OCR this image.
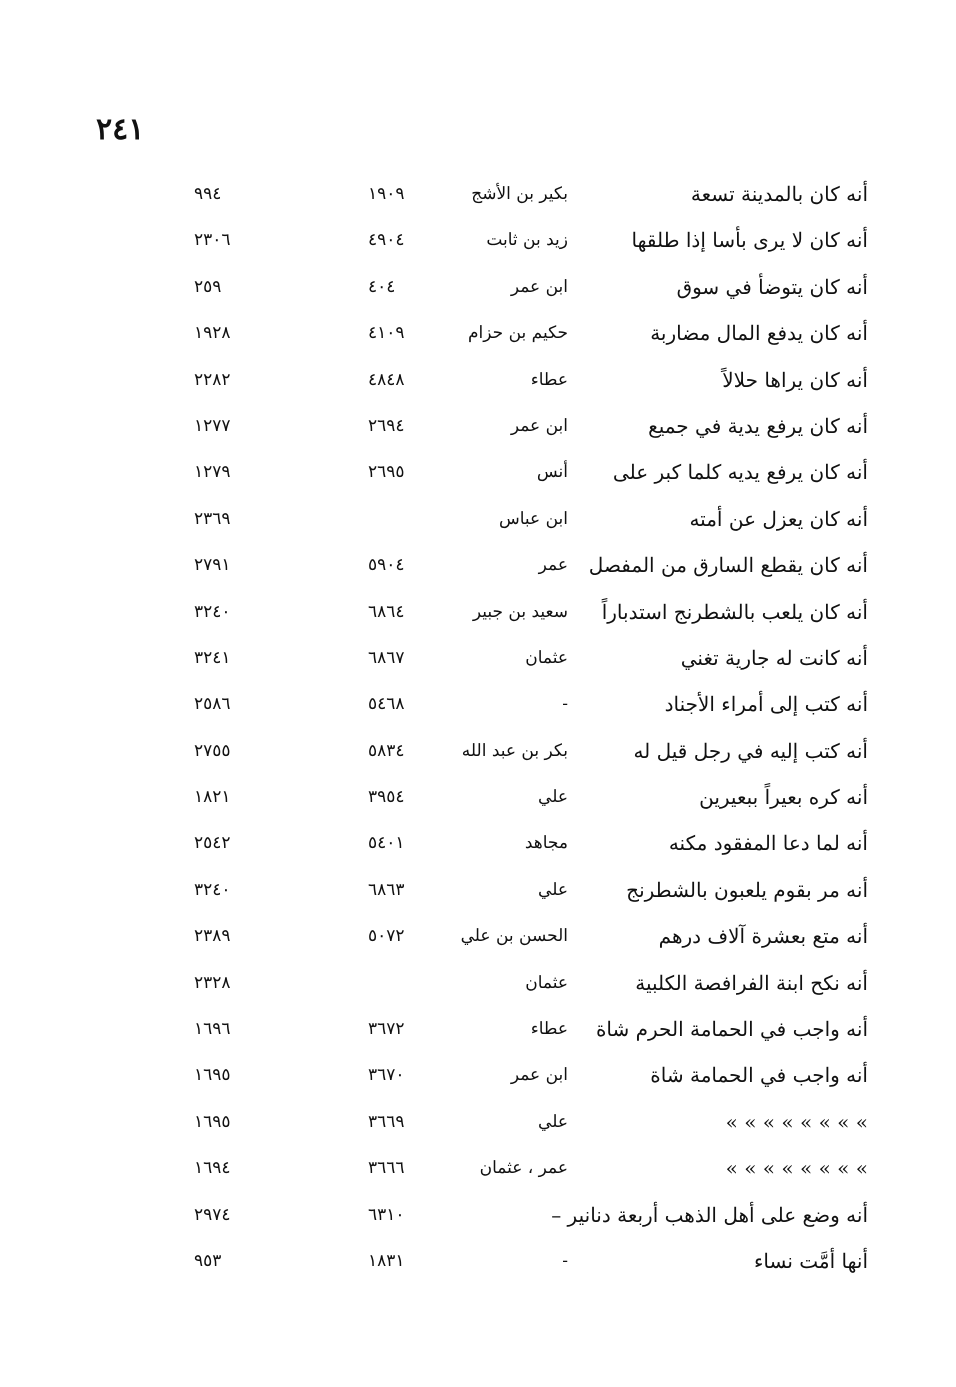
٢٤١
أنه كان بالمدينة تسعة
بكير بن الأشج
١٩٠٩
٩٩٤
أنه كان لا يرى بأسا إذا طلقها
زيد بن ثابت
٤٩٠٤
٢٣٠٦
أنه كان يتوضأ في سوق
ابن عمر
٤٠٤
٢٥٩
أنه كان يدفع المال مضاربة
حكيم بن حزام
٤١٠٩
١٩٢٨
أنه كان يراها حلالاً
عطاء
٤٨٤٨
٢٢٨٢
أنه كان يرفع يدية في جميع
ابن عمر
٢٦٩٤
١٢٧٧
أنه كان يرفع يديه كلما كبر على
أنس
٢٦٩٥
١٢٧٩
أنه كان يعزل عن أمته
ابن عباس
٢٣٦٩
أنه كان يقطع السارق من المفصل
عمر
٥٩٠٤
٢٧٩١
أنه كان يلعب بالشطرنج استدباراً
سعيد بن جبير
٦٨٦٤
٣٢٤٠
أنه كانت له جارية تغني
عثمان
٦٨٦٧
٣٢٤١
أنه كتب إلى أمراء الأجناد
-
٥٤٦٨
٢٥٨٦
أنه كتب إليه في رجل قيل له
بكر بن عبد الله
٥٨٣٤
٢٧٥٥
أنه كره بعيراً ببعيرين
علي
٣٩٥٤
١٨٢١
أنه لما دعا المفقود مكنه
مجاهد
٥٤٠١
٢٥٤٢
أنه مر بقوم يلعبون بالشطرنج
علي
٦٨٦٣
٣٢٤٠
أنه متع بعشرة آلاف درهم
الحسن بن علي
٥٠٧٢
٢٣٨٩
أنه نكح ابنة الفرافصة الكلبية
عثمان
٢٣٢٨
أنه واجب في الحمامة الحرم شاة
عطاء
٣٦٧٢
١٦٩٦
أنه واجب في الحمامة شاة
ابن عمر
٣٦٧٠
١٦٩٥
» » » » » » » »
علي
٣٦٦٩
١٦٩٥
» » » » » » » »
عمر ، عثمان
٣٦٦٦
١٦٩٤
أنه وضع على أهل الذهب أربعة دنانير –
٦٣١٠
٢٩٧٤
أنها أمَّت نساء
-
١٨٣١
٩٥٣
